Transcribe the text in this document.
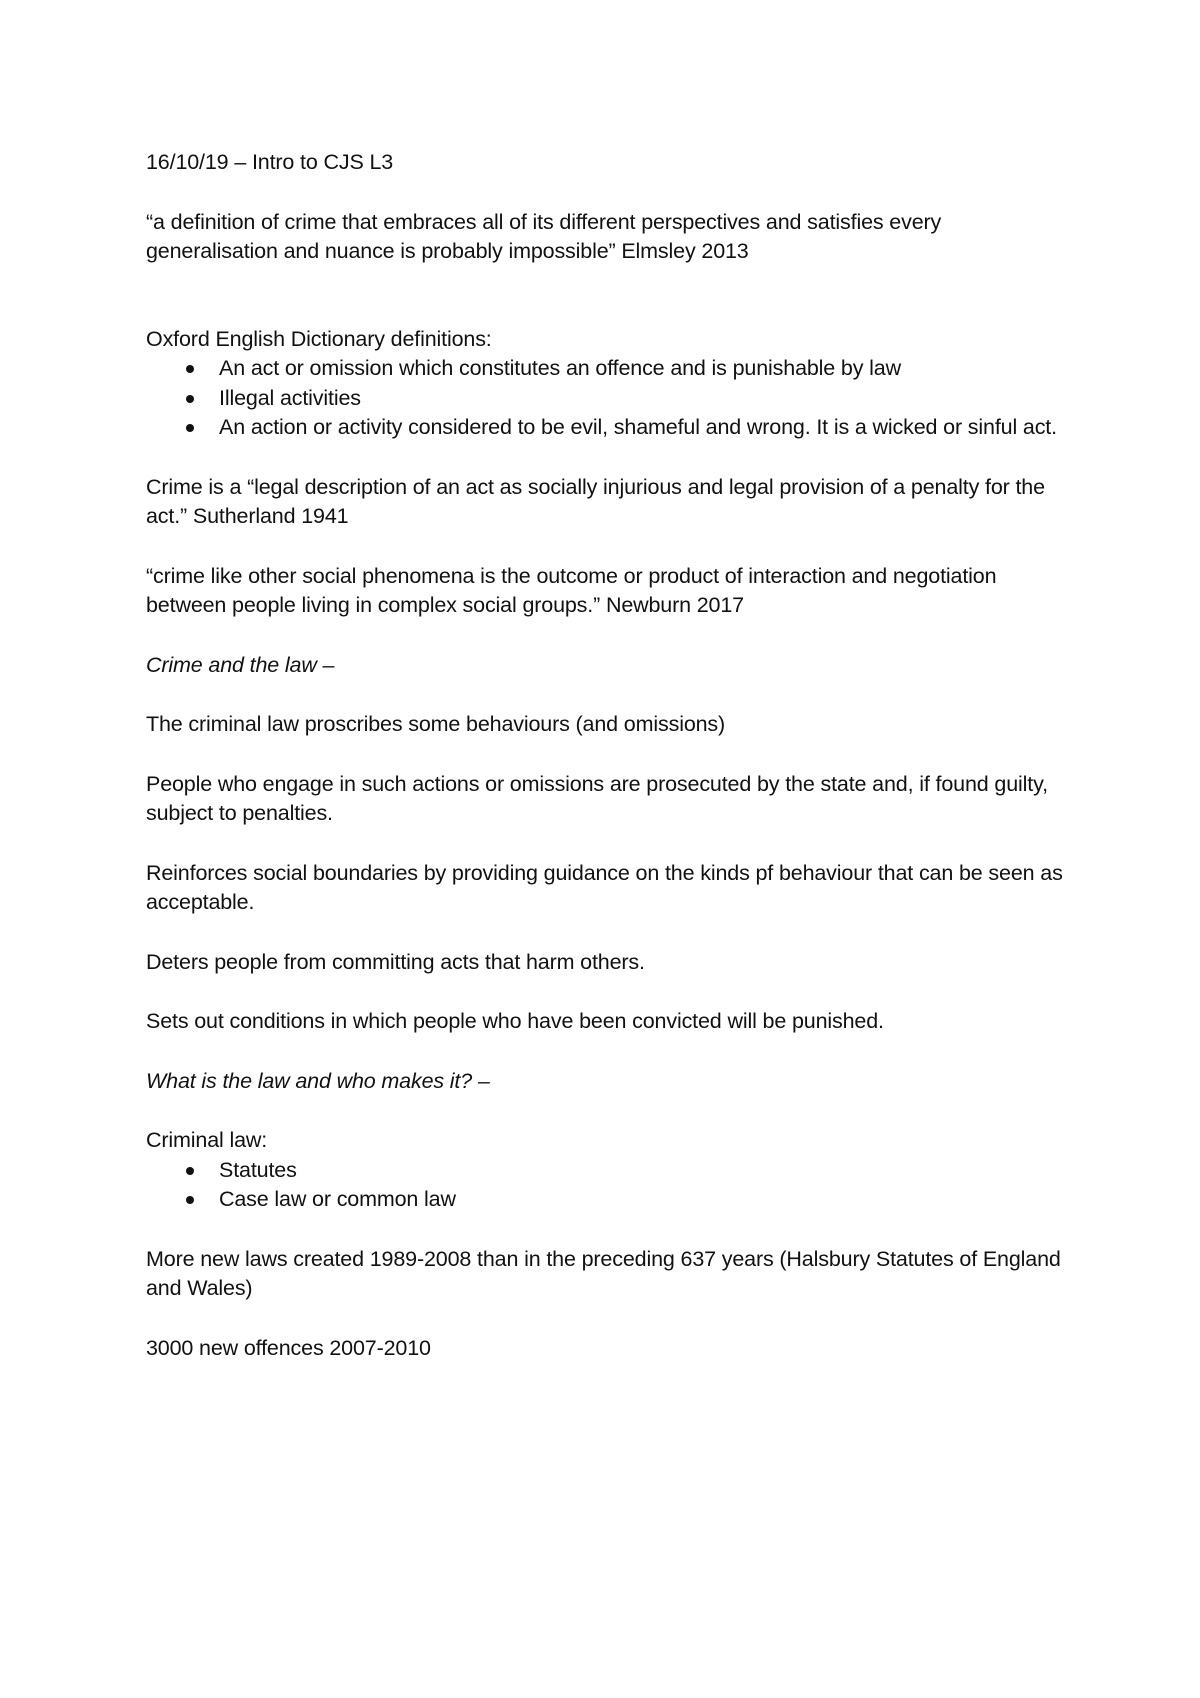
16/10/19 – Intro to CJS L3

“a definition of crime that embraces all of its different perspectives and satisfies every generalisation and nuance is probably impossible” Elmsley 2013

Oxford English Dictionary definitions:

An act or omission which constitutes an offence and is punishable by law
Illegal activities
An action or activity considered to be evil, shameful and wrong. It is a wicked or sinful act.

Crime is a “legal description of an act as socially injurious and legal provision of a penalty for the act.” Sutherland 1941

“crime like other social phenomena is the outcome or product of interaction and negotiation between people living in complex social groups.” Newburn 2017

Crime and the law –

The criminal law proscribes some behaviours (and omissions)

People who engage in such actions or omissions are prosecuted by the state and, if found guilty, subject to penalties.

Reinforces social boundaries by providing guidance on the kinds pf behaviour that can be seen as acceptable.

Deters people from committing acts that harm others.

Sets out conditions in which people who have been convicted will be punished.

What is the law and who makes it? –

Criminal law:

Statutes
Case law or common law

More new laws created 1989-2008 than in the preceding 637 years (Halsbury Statutes of England and Wales)

3000 new offences 2007-2010
